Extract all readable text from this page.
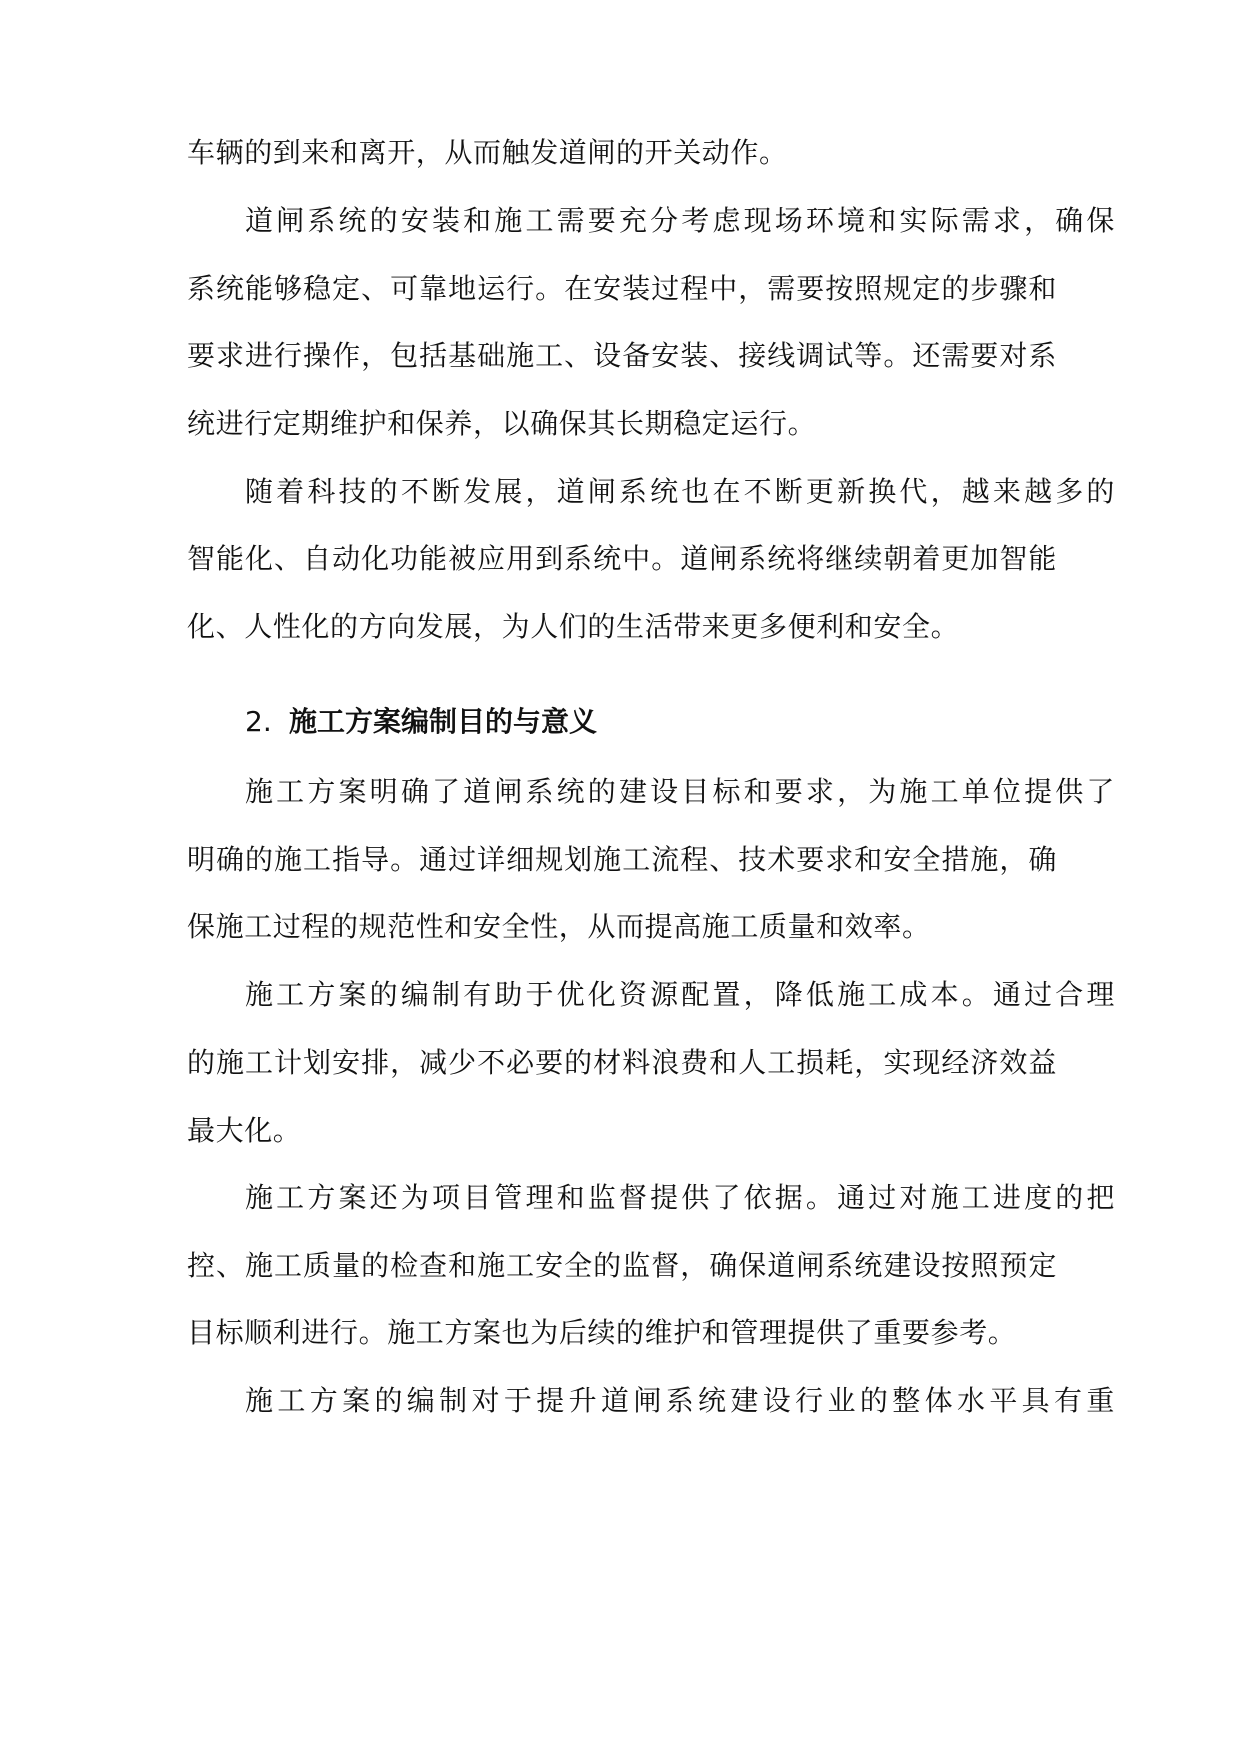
车辆的到来和离开，从而触发道闸的开关动作。
道闸系统的安装和施工需要充分考虑现场环境和实际需求，确保
系统能够稳定、可靠地运行。在安装过程中，需要按照规定的步骤和
要求进行操作，包括基础施工、设备安装、接线调试等。还需要对系
统进行定期维护和保养，以确保其长期稳定运行。
随着科技的不断发展，道闸系统也在不断更新换代，越来越多的
智能化、自动化功能被应用到系统中。道闸系统将继续朝着更加智能
化、人性化的方向发展，为人们的生活带来更多便利和安全。
2. 施工方案编制目的与意义
施工方案明确了道闸系统的建设目标和要求，为施工单位提供了
明确的施工指导。通过详细规划施工流程、技术要求和安全措施，确
保施工过程的规范性和安全性，从而提高施工质量和效率。
施工方案的编制有助于优化资源配置，降低施工成本。通过合理
的施工计划安排，减少不必要的材料浪费和人工损耗，实现经济效益
最大化。
施工方案还为项目管理和监督提供了依据。通过对施工进度的把
控、施工质量的检查和施工安全的监督，确保道闸系统建设按照预定
目标顺利进行。施工方案也为后续的维护和管理提供了重要参考。
施工方案的编制对于提升道闸系统建设行业的整体水平具有重
